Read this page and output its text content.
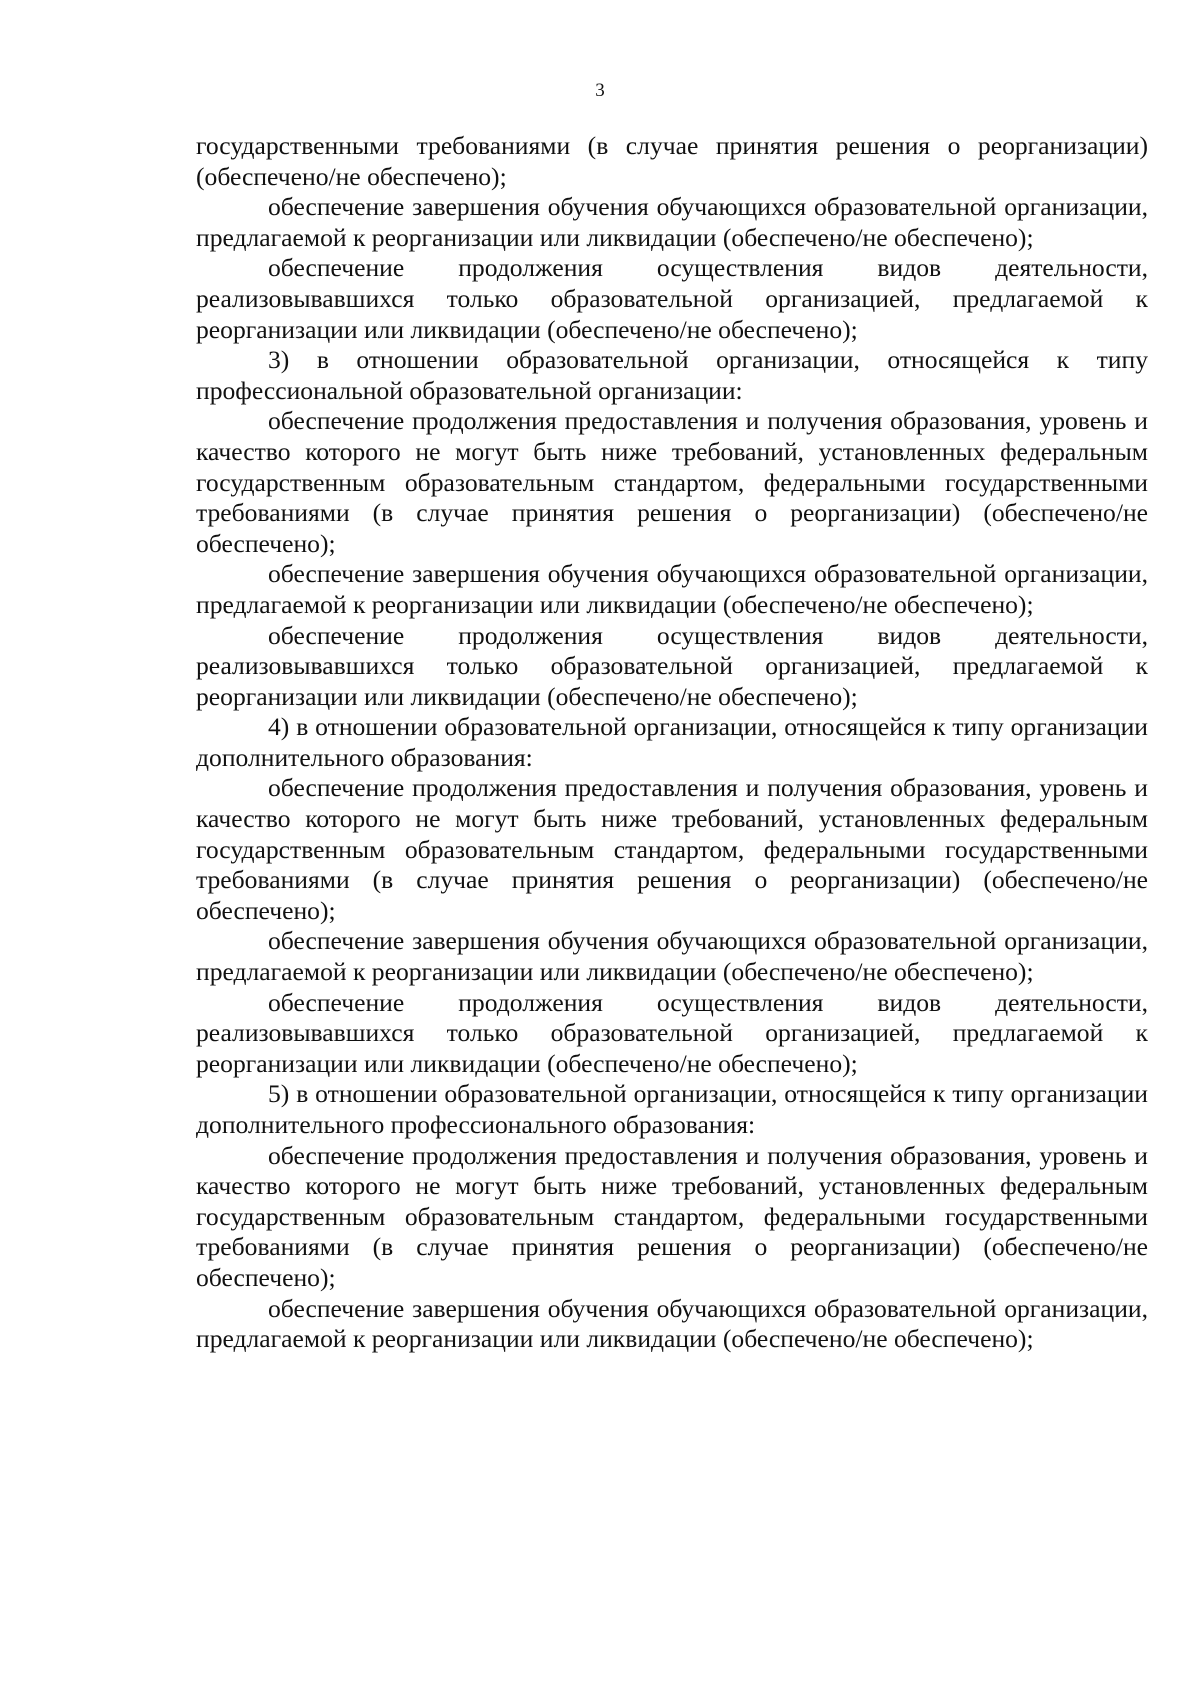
3

государственными требованиями (в случае принятия решения о реорганизации) (обеспечено/не обеспечено);

обеспечение завершения обучения обучающихся образовательной организации, предлагаемой к реорганизации или ликвидации (обеспечено/не обеспечено);

обеспечение продолжения осуществления видов деятельности, реализовывавшихся только образовательной организацией, предлагаемой к реорганизации или ликвидации (обеспечено/не обеспечено);

3) в отношении образовательной организации, относящейся к типу профессиональной образовательной организации:

обеспечение продолжения предоставления и получения образования, уровень и качество которого не могут быть ниже требований, установленных федеральным государственным образовательным стандартом, федеральными государственными требованиями (в случае принятия решения о реорганизации) (обеспечено/не обеспечено);

обеспечение завершения обучения обучающихся образовательной организации, предлагаемой к реорганизации или ликвидации (обеспечено/не обеспечено);

обеспечение продолжения осуществления видов деятельности, реализовывавшихся только образовательной организацией, предлагаемой к реорганизации или ликвидации (обеспечено/не обеспечено);

4) в отношении образовательной организации, относящейся к типу организации дополнительного образования:

обеспечение продолжения предоставления и получения образования, уровень и качество которого не могут быть ниже требований, установленных федеральным государственным образовательным стандартом, федеральными государственными требованиями (в случае принятия решения о реорганизации) (обеспечено/не обеспечено);

обеспечение завершения обучения обучающихся образовательной организации, предлагаемой к реорганизации или ликвидации (обеспечено/не обеспечено);

обеспечение продолжения осуществления видов деятельности, реализовывавшихся только образовательной организацией, предлагаемой к реорганизации или ликвидации (обеспечено/не обеспечено);

5) в отношении образовательной организации, относящейся к типу организации дополнительного профессионального образования:

обеспечение продолжения предоставления и получения образования, уровень и качество которого не могут быть ниже требований, установленных федеральным государственным образовательным стандартом, федеральными государственными требованиями (в случае принятия решения о реорганизации) (обеспечено/не обеспечено);

обеспечение завершения обучения обучающихся образовательной организации, предлагаемой к реорганизации или ликвидации (обеспечено/не обеспечено);
